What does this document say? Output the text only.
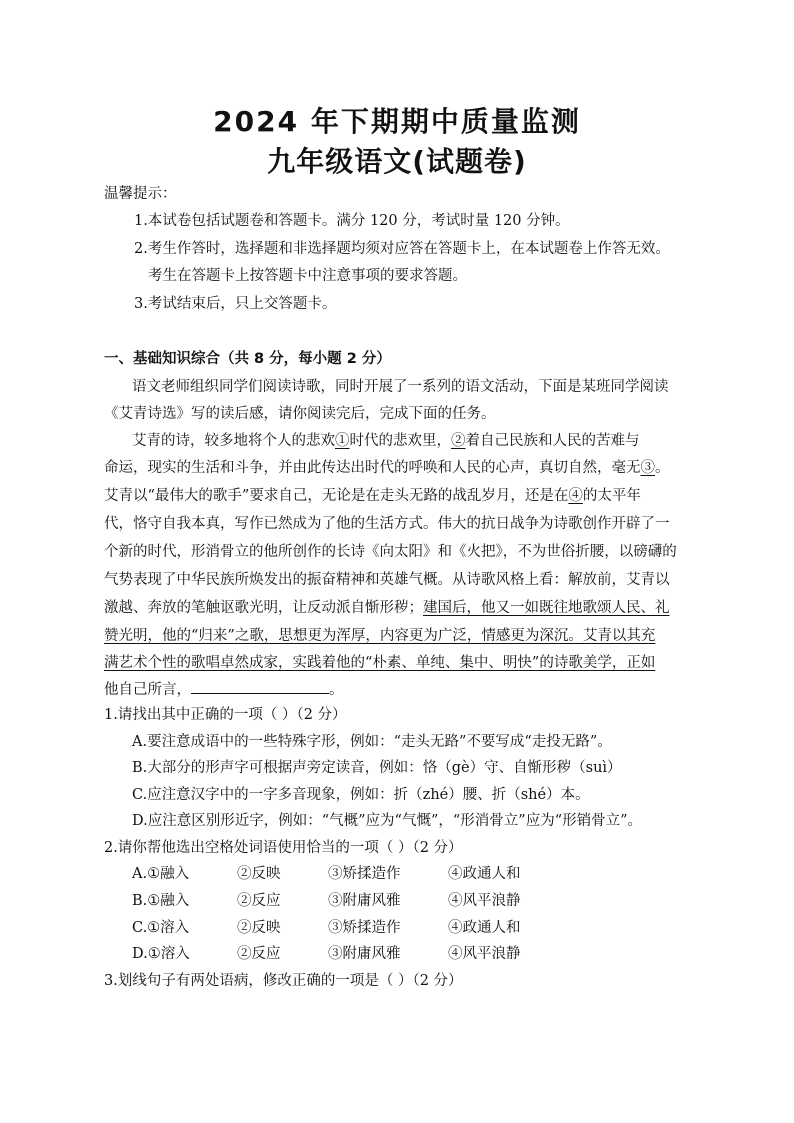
2024 年下期期中质量监测
九年级语文(试题卷)
温馨提示：
1.本试卷包括试题卷和答题卡。满分 120 分，考试时量 120 分钟。
2.考生作答时，选择题和非选择题均须对应答在答题卡上，在本试题卷上作答无效。
考生在答题卡上按答题卡中注意事项的要求答题。
3.考试结束后，只上交答题卡。
一、基础知识综合（共 8 分，每小题 2 分）
语文老师组织同学们阅读诗歌，同时开展了一系列的语文活动，下面是某班同学阅读
《艾青诗选》写的读后感，请你阅读完后，完成下面的任务。
艾青的诗，较多地将个人的悲欢①时代的悲欢里，②着自己民族和人民的苦难与
命运，现实的生活和斗争，并由此传达出时代的呼唤和人民的心声，真切自然，毫无③。
艾青以“最伟大的歌手”要求自己，无论是在走头无路的战乱岁月，还是在④的太平年
代，恪守自我本真，写作已然成为了他的生活方式。伟大的抗日战争为诗歌创作开辟了一
个新的时代，形消骨立的他所创作的长诗《向太阳》和《火把》，不为世俗折腰，以磅礴的
气势表现了中华民族所焕发出的振奋精神和英雄气概。从诗歌风格上看：解放前，艾青以
激越、奔放的笔触讴歌光明，让反动派自惭形秽；建国后，他又一如既往地歌颂人民、礼
赞光明，他的“归来”之歌，思想更为浑厚，内容更为广泛，情感更为深沉。艾青以其充
满艺术个性的歌唱卓然成家，实践着他的“朴素、单纯、集中、明快”的诗歌美学，正如
他自己所言，	。
1.请找出其中正确的一项（ ）（2 分）
A.要注意成语中的一些特殊字形，例如：“走头无路”不要写成“走投无路”。
B.大部分的形声字可根据声旁定读音，例如：恪（gè）守、自惭形秽（suì）
C.应注意汉字中的一字多音现象，例如：折（zhé）腰、折（shé）本。
D.应注意区别形近字，例如：“气概”应为“气慨”，“形消骨立”应为“形销骨立”。
2.请你帮他选出空格处词语使用恰当的一项（ ）（2 分）
A.①融入	②反映	③矫揉造作	④政通人和
B.①融入	②反应	③附庸风雅	④风平浪静
C.①溶入	②反映	③矫揉造作	④政通人和
D.①溶入	②反应	③附庸风雅	④风平浪静
3.划线句子有两处语病，修改正确的一项是（ ）（2 分）
